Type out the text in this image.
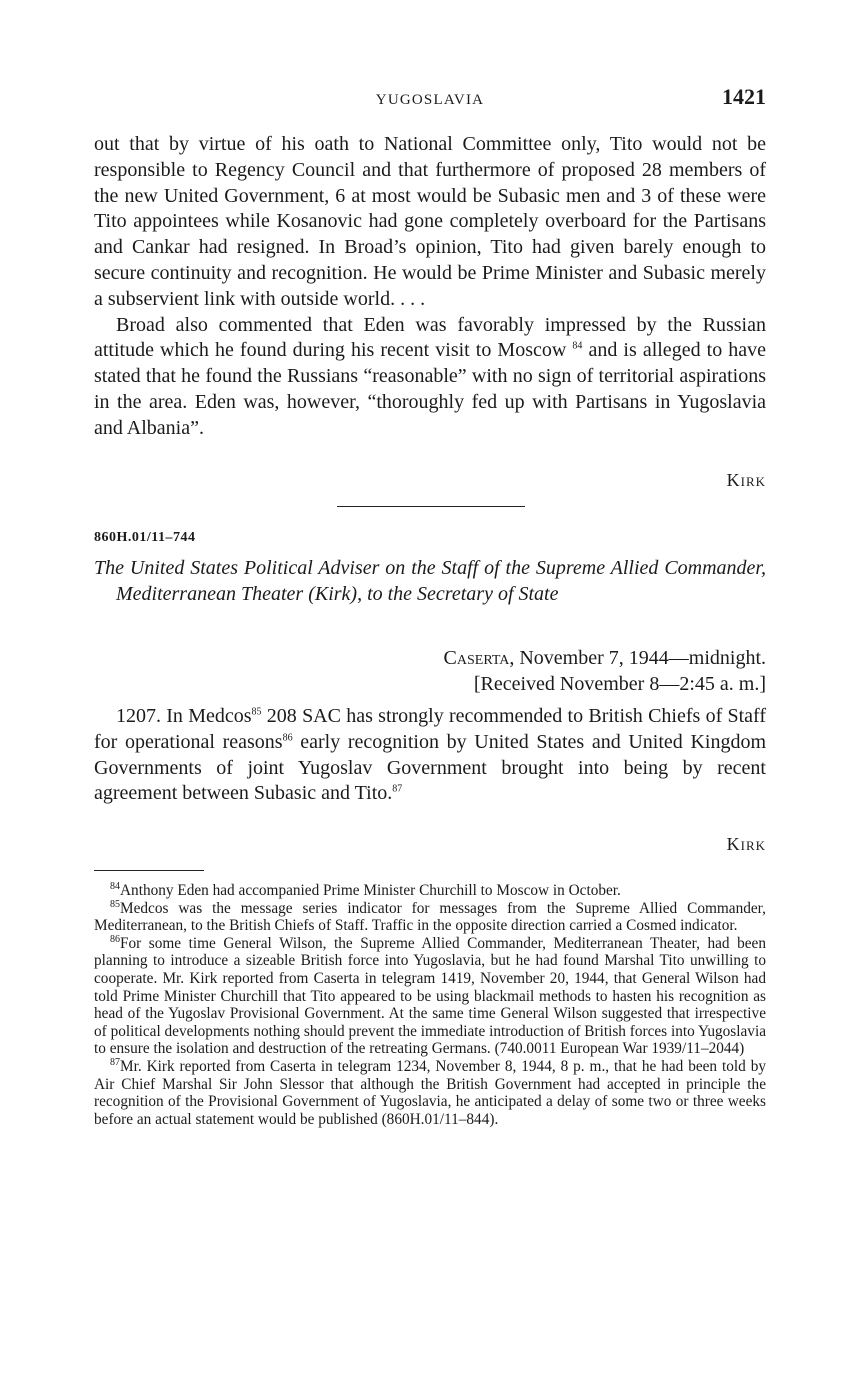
YUGOSLAVIA	1421

out that by virtue of his oath to National Committee only, Tito would not be responsible to Regency Council and that furthermore of proposed 28 members of the new United Government, 6 at most would be Subasic men and 3 of these were Tito appointees while Kosanovic had gone completely overboard for the Partisans and Cankar had resigned. In Broad’s opinion, Tito had given barely enough to secure continuity and recognition. He would be Prime Minister and Subasic merely a subservient link with outside world. . . .

Broad also commented that Eden was favorably impressed by the Russian attitude which he found during his recent visit to Moscow $^{84}$ and is alleged to have stated that he found the Russians “reasonable” with no sign of territorial aspirations in the area. Eden was, however, “thoroughly fed up with Partisans in Yugoslavia and Albania”.

Kirk
860H.01/11–744
The United States Political Adviser on the Staff of the Supreme Allied Commander, Mediterranean Theater (Kirk), to the Secretary of State
Caserta, November 7, 1944—midnight.
[Received November 8—2:45 a. m.]

1207. In Medcos$^{85}$ 208 SAC has strongly recommended to British Chiefs of Staff for operational reasons$^{86}$ early recognition by United States and United Kingdom Governments of joint Yugoslav Government brought into being by recent agreement between Subasic and Tito.$^{87}$

Kirk

$^{84}$Anthony Eden had accompanied Prime Minister Churchill to Moscow in October.

$^{85}$Medcos was the message series indicator for messages from the Supreme Allied Commander, Mediterranean, to the British Chiefs of Staff. Traffic in the opposite direction carried a Cosmed indicator.

$^{86}$For some time General Wilson, the Supreme Allied Commander, Mediterranean Theater, had been planning to introduce a sizeable British force into Yugoslavia, but he had found Marshal Tito unwilling to cooperate. Mr. Kirk reported from Caserta in telegram 1419, November 20, 1944, that General Wilson had told Prime Minister Churchill that Tito appeared to be using blackmail methods to hasten his recognition as head of the Yugoslav Provisional Government. At the same time General Wilson suggested that irrespective of political developments nothing should prevent the immediate introduction of British forces into Yugoslavia to ensure the isolation and destruction of the retreating Germans. (740.0011 European War 1939/11–2044)

$^{87}$Mr. Kirk reported from Caserta in telegram 1234, November 8, 1944, 8 p. m., that he had been told by Air Chief Marshal Sir John Slessor that although the British Government had accepted in principle the recognition of the Provisional Government of Yugoslavia, he anticipated a delay of some two or three weeks before an actual statement would be published (860H.01/11–844).
